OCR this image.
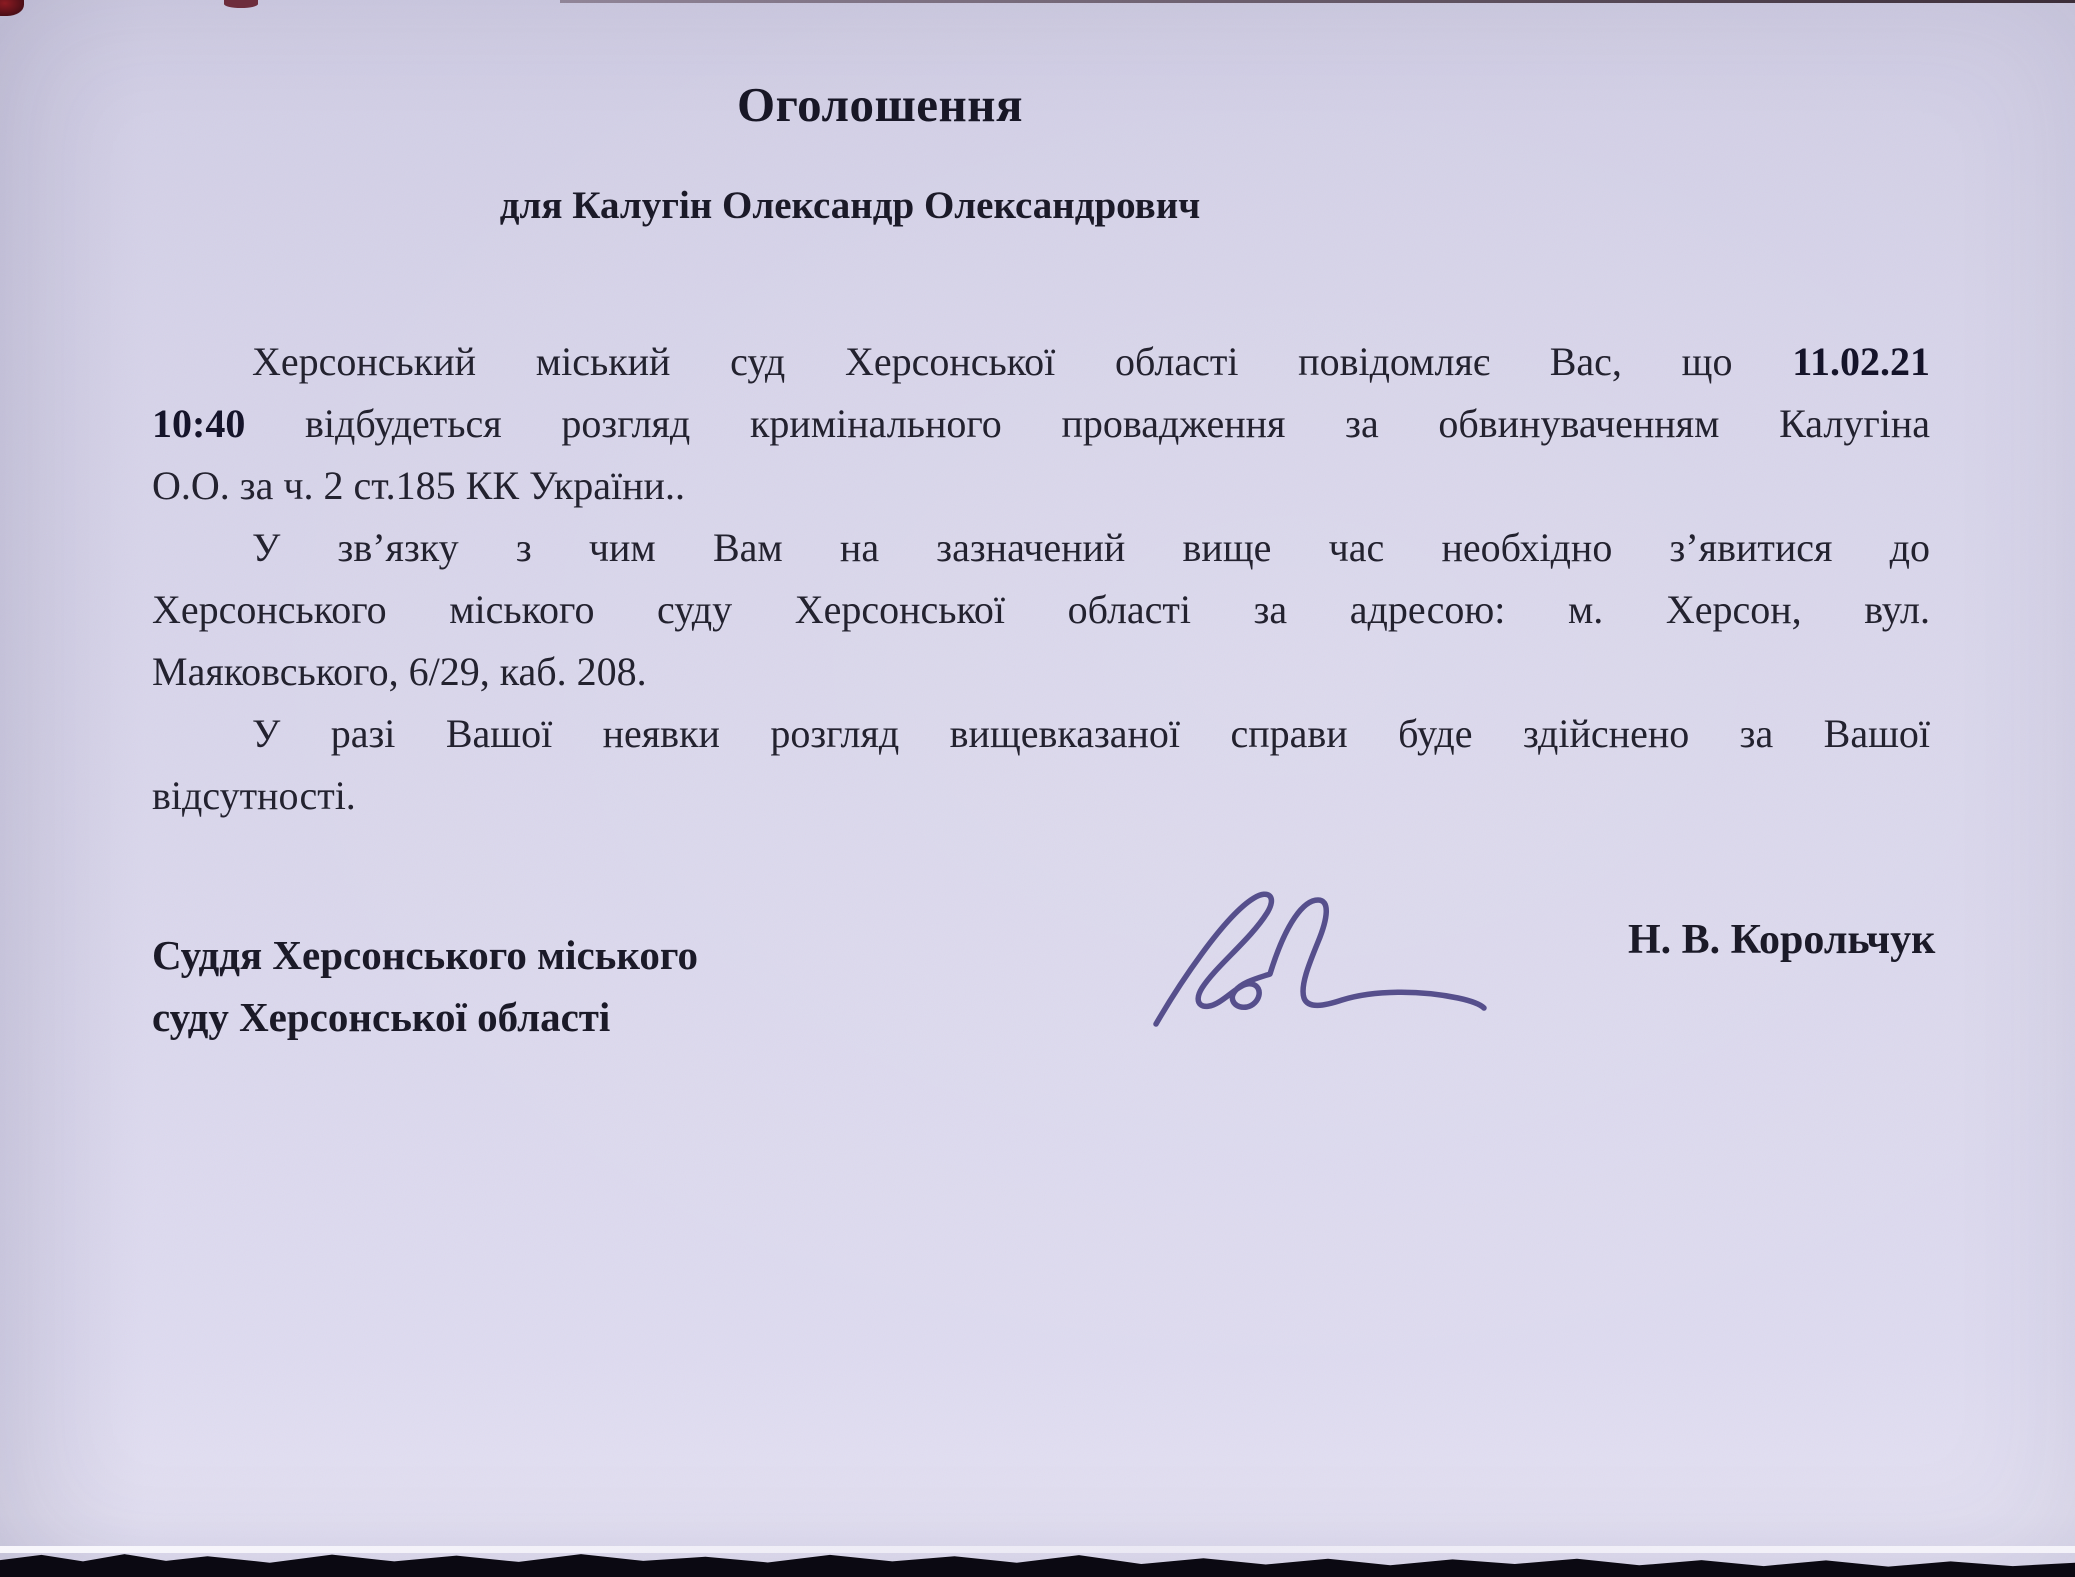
Оголошення
для Калугін Олександр Олександрович
Херсонський міський суд Херсонської області повідомляє Вас, що 11.02.21
10:40 відбудеться розгляд кримінального провадження за обвинуваченням Калугіна
О.О. за ч. 2 ст.185 КК України..
У зв’язку з чим Вам на зазначений вище час необхідно з’явитися до
Херсонського міського суду Херсонської області за адресою: м. Херсон, вул.
Маяковського, 6/29, каб. 208.
У разі Вашої неявки розгляд вищевказаної справи буде здійснено за Вашої
відсутності.
Суддя Херсонського міського
суду Херсонської області
Н. В. Корольчук
